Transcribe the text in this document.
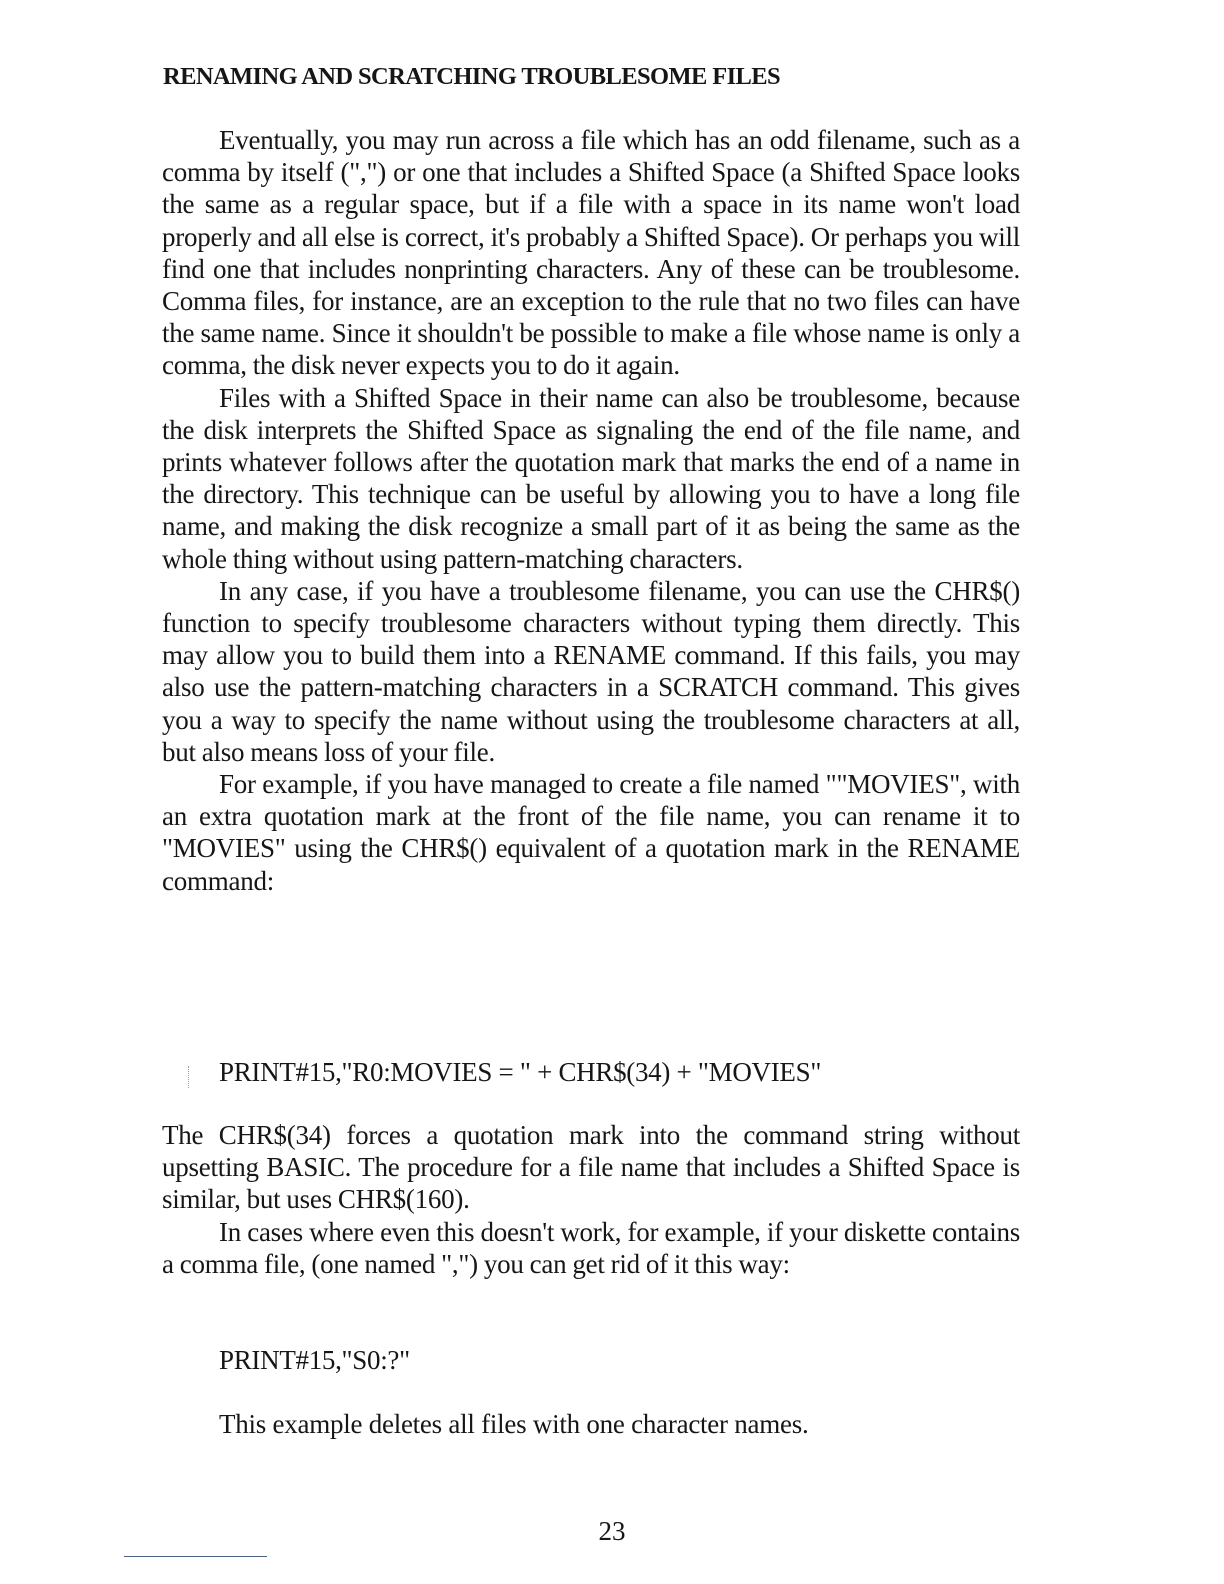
RENAMING AND SCRATCHING TROUBLESOME FILES

Eventually, you may run across a file which has an odd filename, such as a comma by itself (",") or one that includes a Shifted Space (a Shifted Space looks the same as a regular space, but if a file with a space in its name won't load properly and all else is correct, it's probably a Shifted Space). Or perhaps you will find one that includes nonprinting characters. Any of these can be troublesome. Comma files, for instance, are an exception to the rule that no two files can have the same name. Since it shouldn't be possible to make a file whose name is only a comma, the disk never expects you to do it again.

Files with a Shifted Space in their name can also be troublesome, because the disk interprets the Shifted Space as signaling the end of the file name, and prints whatever follows after the quotation mark that marks the end of a name in the directory. This technique can be useful by allowing you to have a long file name, and making the disk recognize a small part of it as being the same as the whole thing without using pattern-matching characters.

In any case, if you have a troublesome filename, you can use the CHR$() function to specify troublesome characters without typing them directly. This may allow you to build them into a RENAME command. If this fails, you may also use the pattern-matching characters in a SCRATCH command. This gives you a way to specify the name without using the troublesome characters at all, but also means loss of your file.

For example, if you have managed to create a file named ""MOVIES", with an extra quotation mark at the front of the file name, you can rename it to "MOVIES" using the CHR$() equivalent of a quotation mark in the RENAME command:

PRINT#15,"R0:MOVIES = " + CHR$(34) + "MOVIES"

The CHR$(34) forces a quotation mark into the command string without upsetting BASIC. The procedure for a file name that includes a Shifted Space is similar, but uses CHR$(160).

In cases where even this doesn't work, for example, if your diskette contains a comma file, (one named ",") you can get rid of it this way:

PRINT#15,"S0:?"
This example deletes all files with one character names.
23
